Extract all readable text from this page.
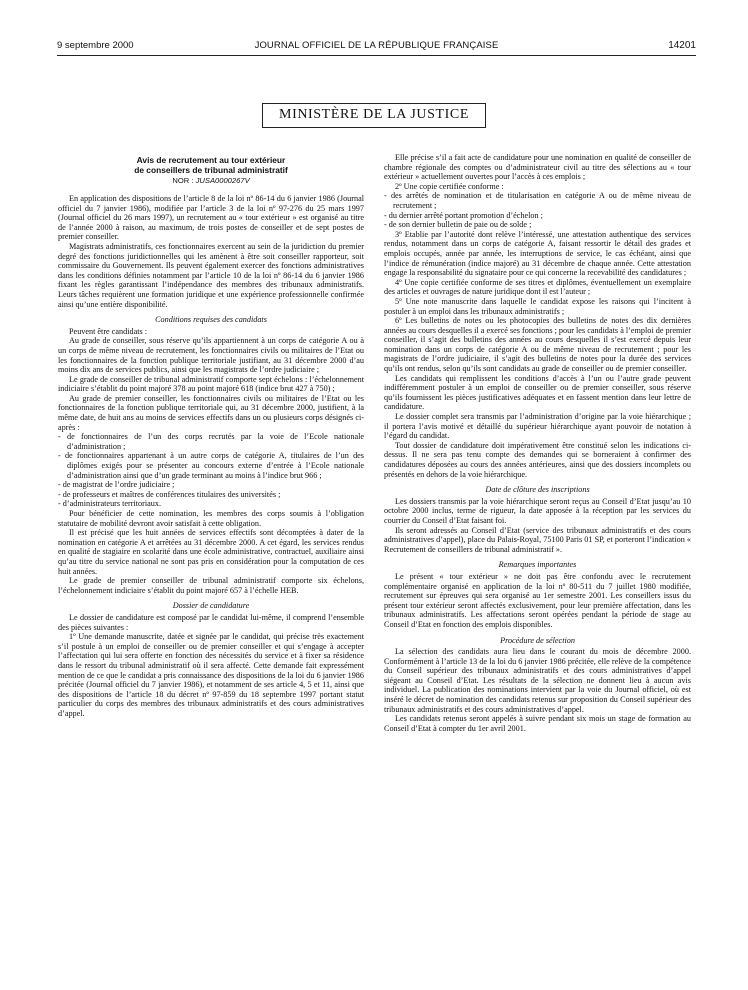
9 septembre 2000	JOURNAL OFFICIEL DE LA RÉPUBLIQUE FRANÇAISE	14201
MINISTÈRE DE LA JUSTICE
Avis de recrutement au tour extérieur
de conseillers de tribunal administratif
NOR : JUSA0000267V

En application des dispositions de l’article 8 de la loi nº 86-14 du 6 janvier 1986 (Journal officiel du 7 janvier 1986), modifiée par l’article 3 de la loi nº 97-276 du 25 mars 1997 (Journal officiel du 26 mars 1997), un recrutement au « tour extérieur » est organisé au titre de l’année 2000 à raison, au maximum, de trois postes de conseiller et de sept postes de premier conseiller.

Magistrats administratifs, ces fonctionnaires exercent au sein de la juridiction du premier degré des fonctions juridictionnelles qui les amènent à être soit conseiller rapporteur, soit commissaire du Gouvernement. Ils peuvent également exercer des fonctions administratives dans les conditions définies notamment par l’article 10 de la loi nº 86-14 du 6 janvier 1986 fixant les règles garantissant l’indépendance des membres des tribunaux administratifs. Leurs tâches requièrent une formation juridique et une expérience professionnelle confirmée ainsi qu’une entière disponibilité.

Conditions requises des candidats

Peuvent être candidats :

Au grade de conseiller, sous réserve qu’ils appartiennent à un corps de catégorie A ou à un corps de même niveau de recrutement, les fonctionnaires civils ou militaires de l’Etat ou les fonctionnaires de la fonction publique territoriale justifiant, au 31 décembre 2000 d’au moins dix ans de services publics, ainsi que les magistrats de l’ordre judiciaire ;

Le grade de conseiller de tribunal administratif comporte sept échelons : l’échelonnement indiciaire s’établit du point majoré 378 au point majoré 618 (indice brut 427 à 750) ;

Au grade de premier conseiller, les fonctionnaires civils ou militaires de l’Etat ou les fonctionnaires de la fonction publique territoriale qui, au 31 décembre 2000, justifient, à la même date, de huit ans au moins de services effectifs dans un ou plusieurs corps désignés ci-après :

- de fonctionnaires de l’un des corps recrutés par la voie de l’Ecole nationale d’administration ;
- de fonctionnaires appartenant à un autre corps de catégorie A, titulaires de l’un des diplômes exigés pour se présenter au concours externe d’entrée à l’Ecole nationale d’administration ainsi que d’un grade terminant au moins à l’indice brut 966 ;
- de magistrat de l’ordre judiciaire ;
- de professeurs et maîtres de conférences titulaires des universités ;
- d’administrateurs territoriaux.

Pour bénéficier de cette nomination, les membres des corps soumis à l’obligation statutaire de mobilité devront avoir satisfait à cette obligation.

Il est précisé que les huit années de services effectifs sont décomptées à dater de la nomination en catégorie A et arrêtées au 31 décembre 2000. A cet égard, les services rendus en qualité de stagiaire en scolarité dans une école administrative, contractuel, auxiliaire ainsi qu’au titre du service national ne sont pas pris en considération pour la computation de ces huit années.

Le grade de premier conseiller de tribunal administratif comporte six échelons, l’échelonnement indiciaire s’établit du point majoré 657 à l’échelle HEB.

Dossier de candidature

Le dossier de candidature est composé par le candidat lui-même, il comprend l’ensemble des pièces suivantes :

1º Une demande manuscrite, datée et signée par le candidat, qui précise très exactement s’il postule à un emploi de conseiller ou de premier conseiller et qui s’engage à accepter l’affectation qui lui sera offerte en fonction des nécessités du service et à fixer sa résidence dans le ressort du tribunal administratif où il sera affecté. Cette demande fait expressément mention de ce que le candidat a pris connaissance des dispositions de la loi du 6 janvier 1986 précitée (Journal officiel du 7 janvier 1986), et notamment de ses article 4, 5 et 11, ainsi que des dispositions de l’article 18 du décret nº 97-859 du 18 septembre 1997 portant statut particulier du corps des membres des tribunaux administratifs et des cours administratives d’appel.

Elle précise s’il a fait acte de candidature pour une nomination en qualité de conseiller de chambre régionale des comptes ou d’administrateur civil au titre des sélections au « tour extérieur » actuellement ouvertes pour l’accès à ces emplois ;

2º Une copie certifiée conforme :

- des arrêtés de nomination et de titularisation en catégorie A ou de même niveau de recrutement ;
- du dernier arrêté portant promotion d’échelon ;
- de son dernier bulletin de paie ou de solde ;

3º Etablie par l’autorité dont relève l’intéressé, une attestation authentique des services rendus, notamment dans un corps de catégorie A, faisant ressortir le détail des grades et emplois occupés, année par année, les interruptions de service, le cas échéant, ainsi que l’indice de rémunération (indice majoré) au 31 décembre de chaque année. Cette attestation engage la responsabilité du signataire pour ce qui concerne la recevabilité des candidatures ;

4º Une copie certifiée conforme de ses titres et diplômes, éventuellement un exemplaire des articles et ouvrages de nature juridique dont il est l’auteur ;

5º Une note manuscrite dans laquelle le candidat expose les raisons qui l’incitent à postuler à un emploi dans les tribunaux administratifs ;

6º Les bulletins de notes ou les photocopies des bulletins de notes des dix dernières années au cours desquelles il a exercé ses fonctions ; pour les candidats à l’emploi de premier conseiller, il s’agit des bulletins des années au cours desquelles il s’est exercé depuis leur nomination dans un corps de catégorie A ou de même niveau de recrutement ; pour les magistrats de l’ordre judiciaire, il s’agit des bulletins de notes pour la durée des services qu’ils ont rendus, selon qu’ils sont candidats au grade de conseiller ou de premier conseiller.

Les candidats qui remplissent les conditions d’accès à l’un ou l’autre grade peuvent indifféremment postuler à un emploi de conseiller ou de premier conseiller, sous réserve qu’ils fournissent les pièces justificatives adéquates et en fassent mention dans leur lettre de candidature.

Le dossier complet sera transmis par l’administration d’origine par la voie hiérarchique ; il portera l’avis motivé et détaillé du supérieur hiérarchique ayant pouvoir de notation à l’égard du candidat.

Tout dossier de candidature doit impérativement être constitué selon les indications ci-dessus. Il ne sera pas tenu compte des demandes qui se borneraient à confirmer des candidatures déposées au cours des années antérieures, ainsi que des dossiers incomplets ou présentés en dehors de la voie hiérarchique.

Date de clôture des inscriptions

Les dossiers transmis par la voie hiérarchique seront reçus au Conseil d’Etat jusqu’au 10 octobre 2000 inclus, terme de rigueur, la date apposée à la réception par les services du courrier du Conseil d’Etat faisant foi.

Ils seront adressés au Conseil d’Etat (service des tribunaux administratifs et des cours administratives d’appel), place du Palais-Royal, 75100 Paris 01 SP, et porteront l’indication « Recrutement de conseillers de tribunal administratif ».

Remarques importantes

Le présent « tour extérieur » ne doit pas être confondu avec le recrutement complémentaire organisé en application de la loi nº 80-511 du 7 juillet 1980 modifiée, recrutement sur épreuves qui sera organisé au 1er semestre 2001. Les conseillers issus du présent tour extérieur seront affectés exclusivement, pour leur première affectation, dans les tribunaux administratifs. Les affectations seront opérées pendant la période de stage au Conseil d’Etat en fonction des emplois disponibles.

Procédure de sélection

La sélection des candidats aura lieu dans le courant du mois de décembre 2000. Conformément à l’article 13 de la loi du 6 janvier 1986 précitée, elle relève de la compétence du Conseil supérieur des tribunaux administratifs et des cours administratives d’appel siégeant au Conseil d’Etat. Les résultats de la sélection ne donnent lieu à aucun avis individuel. La publication des nominations intervient par la voie du Journal officiel, où est inséré le décret de nomination des candidats retenus sur proposition du Conseil supérieur des tribunaux administratifs et des cours administratives d’appel.

Les candidats retenus seront appelés à suivre pendant six mois un stage de formation au Conseil d’Etat à compter du 1er avril 2001.
